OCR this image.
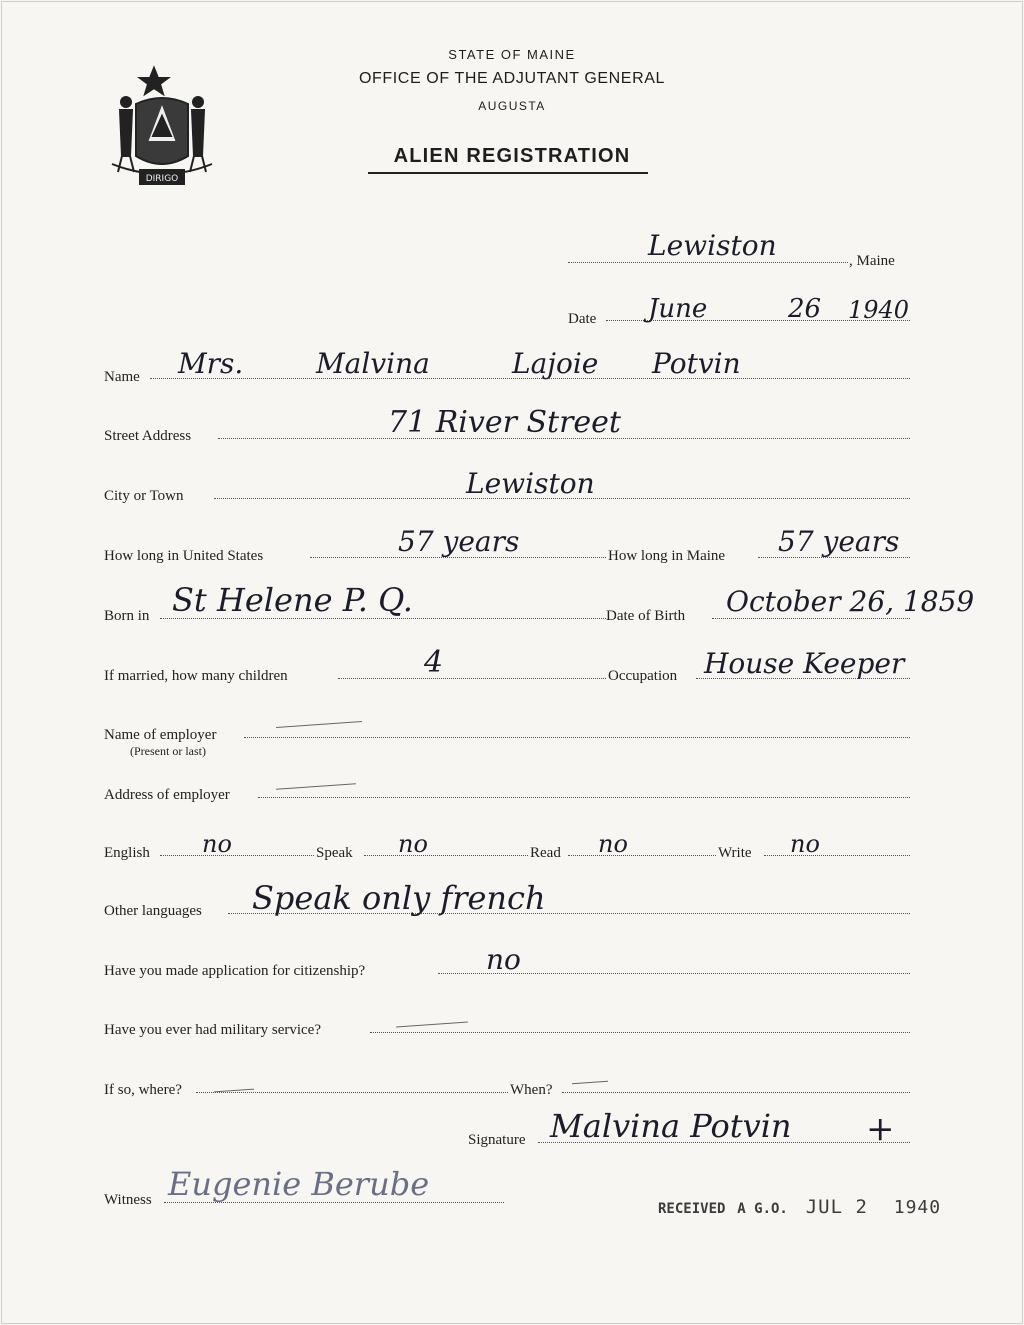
DIRIGO
STATE OF MAINE
OFFICE OF THE ADJUTANT GENERAL
AUGUSTA
ALIEN REGISTRATION
Lewiston	, Maine
Date June	26 1940
Name Mrs.	Malvina	Lajoie Potvin
Street Address	71 River Street
City or Town	Lewiston
How long in United States	57 years	How long in Maine 57 years
Born in St Helene P. Q.	Date of Birth October 26, 1859
If married, how many children	4	Occupation House Keeper
Name of employer
(Present or last)
Address of employer
English no	Speak no	Read no	Write no
Other languages Speak only french
Have you made application for citizenship?	no
Have you ever had military service?
If so, where?	When?
Signature Malvina Potvin +
Witness Eugenie Berube
RECEIVED A G.O. JUL 2 1940
